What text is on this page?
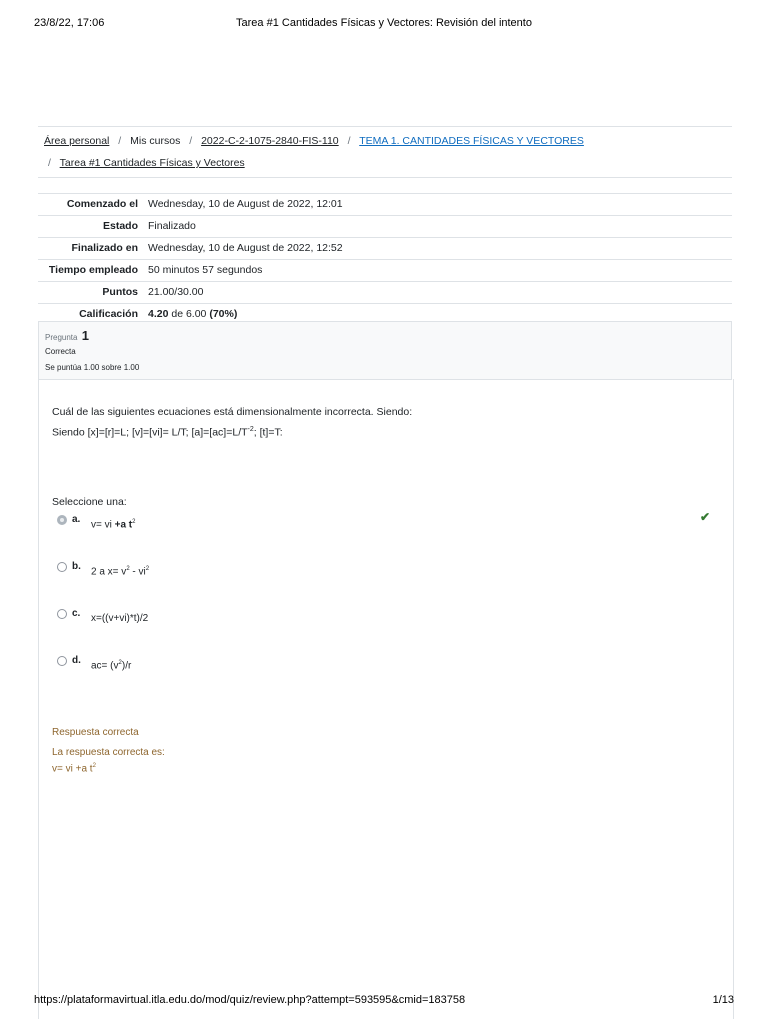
23/8/22, 17:06	Tarea #1 Cantidades Físicas y Vectores: Revisión del intento
Área personal / Mis cursos / 2022-C-2-1075-2840-FIS-110 / TEMA 1. CANTIDADES FÍSICAS Y VECTORES
/ Tarea #1 Cantidades Físicas y Vectores
Comenzado el	Wednesday, 10 de August de 2022, 12:01
Estado	Finalizado
Finalizado en	Wednesday, 10 de August de 2022, 12:52
Tiempo empleado	50 minutos 57 segundos
Puntos	21.00/30.00
Calificación	4.20 de 6.00 (70%)
Pregunta 1
Correcta
Se puntúa 1.00 sobre 1.00
Cuál de las siguientes ecuaciones está dimensionalmente incorrecta. Siendo:
Siendo [x]=[r]=L; [v]=[vi]= L/T; $[a]=[ac]=L/T^{-2}$; [t]=T:
Seleccione una:
a. v= vi +a $t^2$	✔
b. 2 a $x= v^2 - vi^2$
c. x=((v+vi)*t)/2
d. $ac= (v^2)/r$
Respuesta correcta
La respuesta correcta es:
v= vi +a $t^2$
https://plataformavirtual.itla.edu.do/mod/quiz/review.php?attempt=593595&cmid=183758	1/13
